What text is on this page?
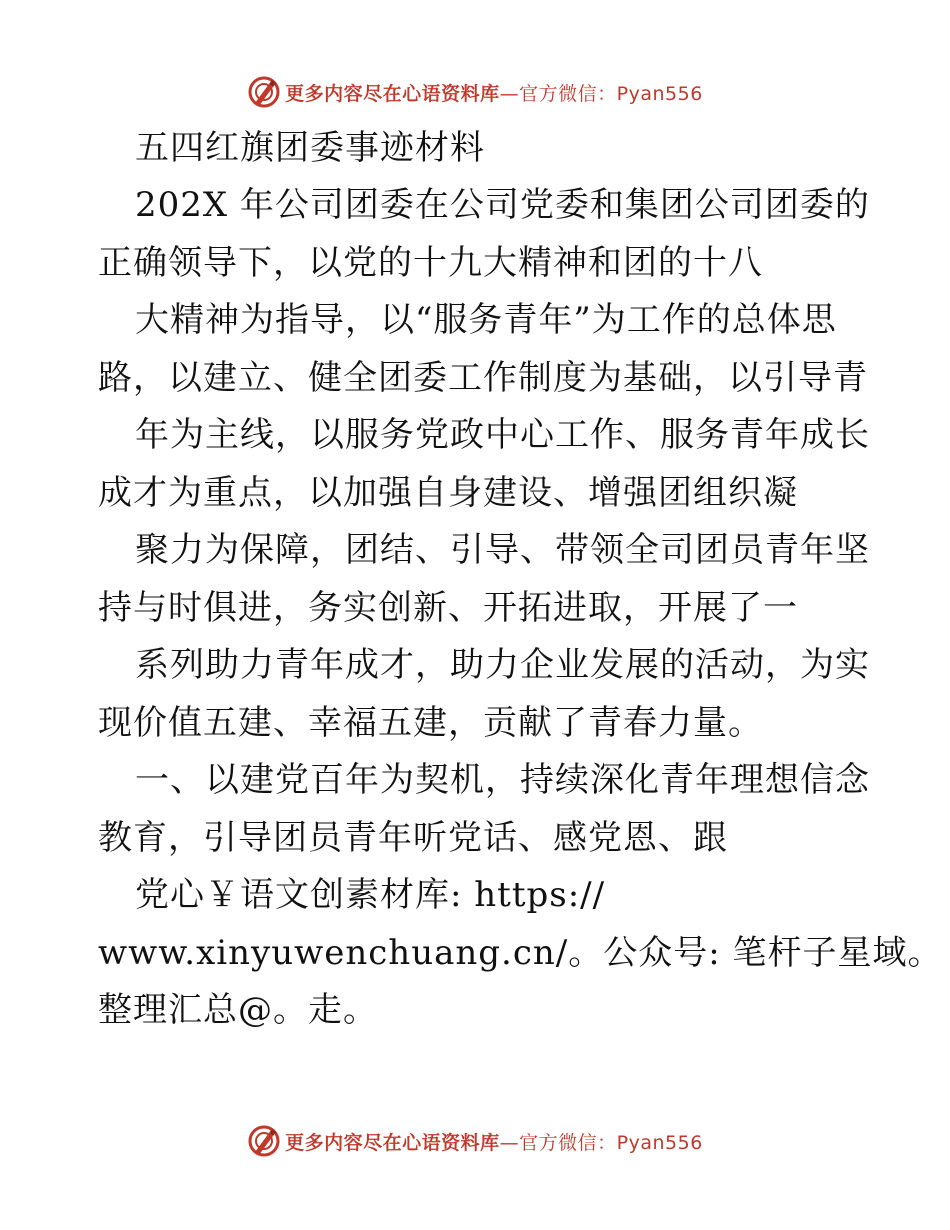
更多内容尽在心语资料库—官方微信：Pyan556
五四红旗团委事迹材料
202X 年公司团委在公司党委和集团公司团委的
正确领导下，以党的十九大精神和团的十八
大精神为指导，以“服务青年”为工作的总体思
路，以建立、健全团委工作制度为基础，以引导青
年为主线，以服务党政中心工作、服务青年成长
成才为重点，以加强自身建设、增强团组织凝
聚力为保障，团结、引导、带领全司团员青年坚
持与时俱进，务实创新、开拓进取，开展了一
系列助力青年成才，助力企业发展的活动，为实
现价值五建、幸福五建，贡献了青春力量。
一、以建党百年为契机，持续深化青年理想信念
教育，引导团员青年听党话、感党恩、跟
党心￥语文创素材库: https://
www.xinyuwenchuang.cn/。公众号: 笔杆子星域。
整理汇总@。走。
更多内容尽在心语资料库—官方微信：Pyan556
